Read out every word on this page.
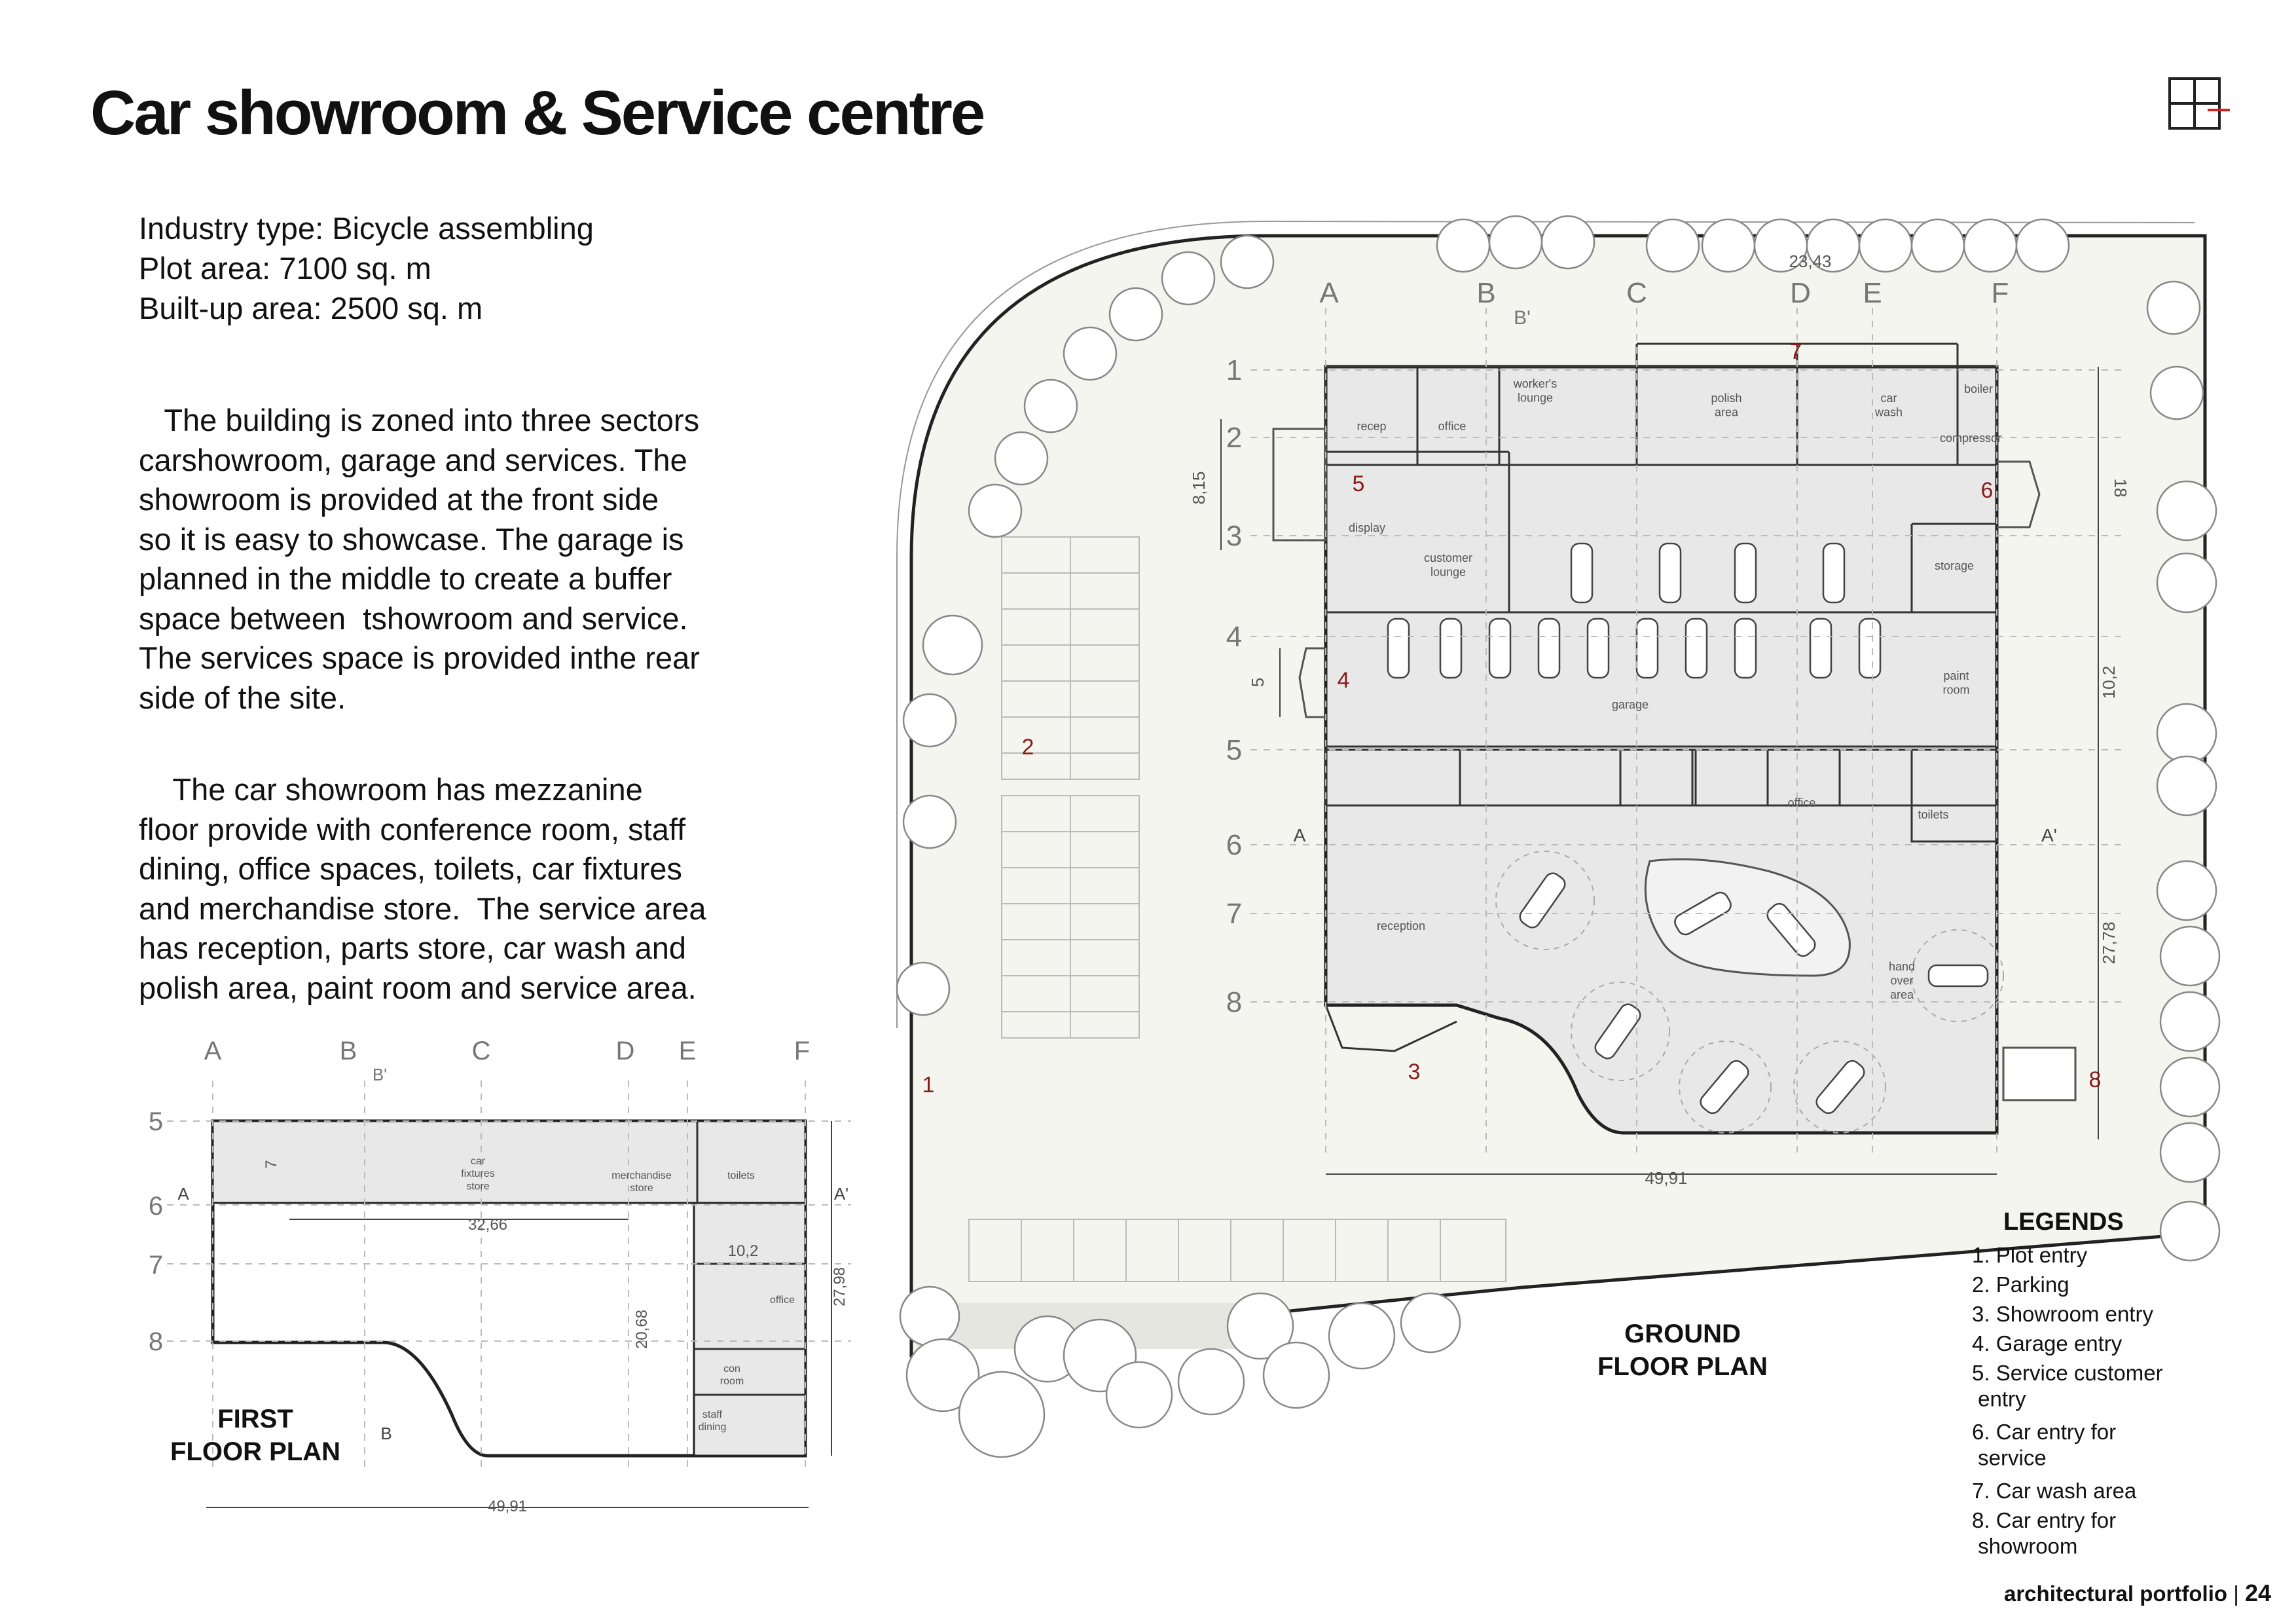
Car showroom & Service centre
Industry type: Bicycle assembling
Plot area: 7100 sq. m
Built-up area: 2500 sq. m
The building is zoned into three sectors
carshowroom, garage and services. The
showroom is provided at the front side
so it is easy to showcase. The garage is
planned in the middle to create a buffer
space between  tshowroom and service.
The services space is provided inthe rear
side of the site.
The car showroom has mezzanine
floor provide with conference room, staff
dining, office spaces, toilets, car fixtures
and merchandise store.  The service area
has reception, parts store, car wash and
polish area, paint room and service area.
A	B
B'
C	D E	F
1
2
3
4
5
6
7
8
A	A'
23,43
8,15
5
18
10,2
27,78
49,91
recep	office
worker's lounge	polish area
car wash
boiler
compressor
display
customer lounge	storage
garage
paint room
office
toilets
reception
hand over area
1
2
3
4
5	6
7
8
GROUND
FLOOR PLAN
A	B
B'
C	D E	F
5
6
7
8
A	A'
B
32,66
10,2
20,68
27,98
49,91
7	car fixtures store
merchandise store
toilets
office
con room
staff dining
FIRST
FLOOR PLAN
LEGENDS
1. Plot entry
2. Parking
3. Showroom entry
4. Garage entry
5. Service customer entry
6. Car entry for service
7. Car wash area
8. Car entry for showroom
architectural portfolio | 24
